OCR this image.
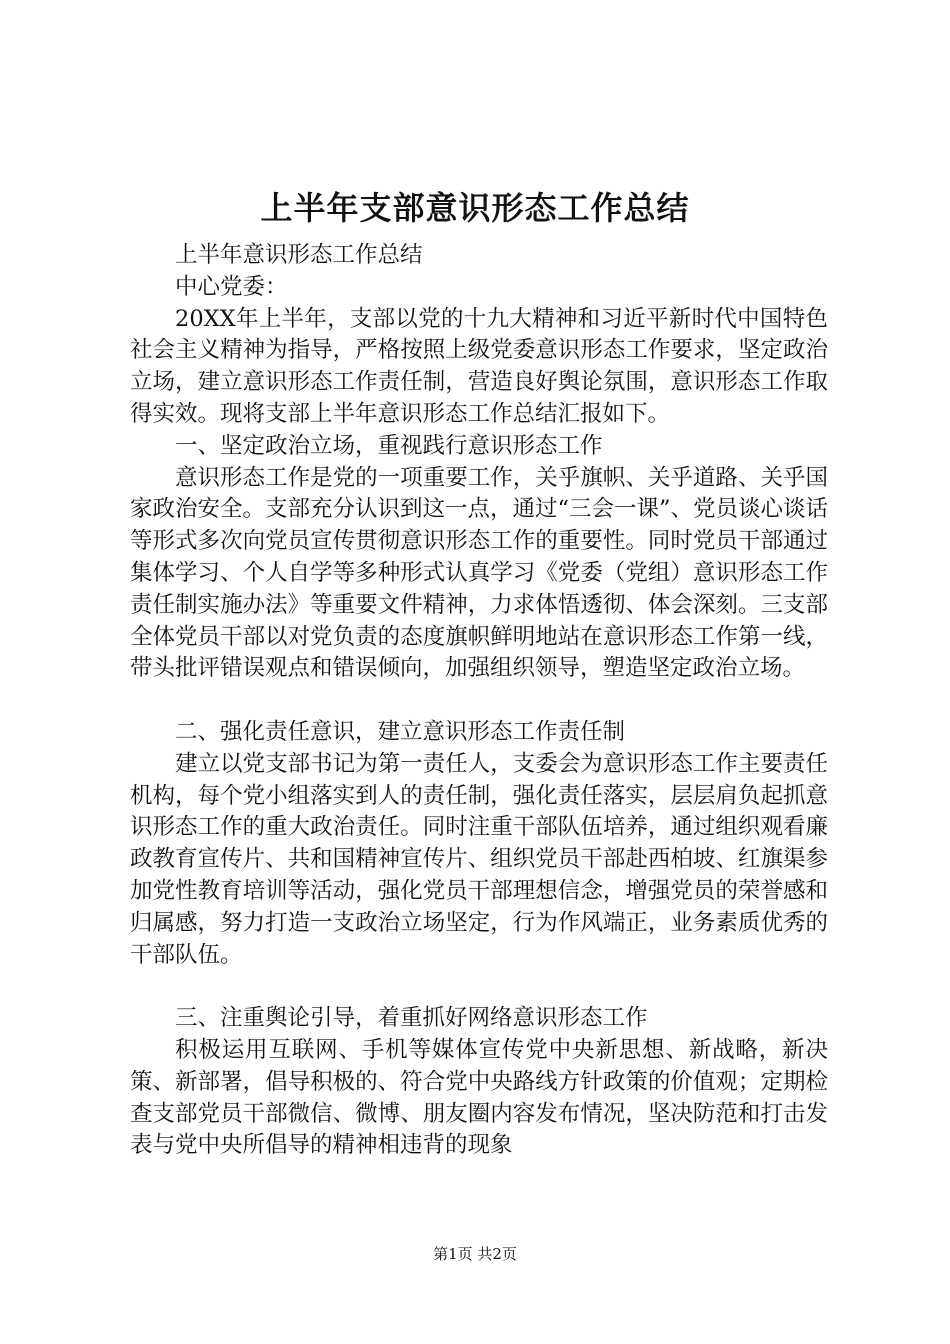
上半年支部意识形态工作总结

上半年意识形态工作总结

中心党委：

20XX年上半年，支部以党的十九大精神和习近平新时代中国特色社会主义精神为指导，严格按照上级党委意识形态工作要求，坚定政治立场，建立意识形态工作责任制，营造良好舆论氛围，意识形态工作取得实效。现将支部上半年意识形态工作总结汇报如下。

一、坚定政治立场，重视践行意识形态工作

意识形态工作是党的一项重要工作，关乎旗帜、关乎道路、关乎国家政治安全。支部充分认识到这一点，通过“三会一课”、党员谈心谈话等形式多次向党员宣传贯彻意识形态工作的重要性。同时党员干部通过集体学习、个人自学等多种形式认真学习《党委（党组）意识形态工作责任制实施办法》等重要文件精神，力求体悟透彻、体会深刻。三支部全体党员干部以对党负责的态度旗帜鲜明地站在意识形态工作第一线，带头批评错误观点和错误倾向，加强组织领导，塑造坚定政治立场。

二、强化责任意识，建立意识形态工作责任制

建立以党支部书记为第一责任人，支委会为意识形态工作主要责任机构，每个党小组落实到人的责任制，强化责任落实，层层肩负起抓意识形态工作的重大政治责任。同时注重干部队伍培养，通过组织观看廉政教育宣传片、共和国精神宣传片、组织党员干部赴西柏坡、红旗渠参加党性教育培训等活动，强化党员干部理想信念，增强党员的荣誉感和归属感，努力打造一支政治立场坚定，行为作风端正，业务素质优秀的干部队伍。

三、注重舆论引导，着重抓好网络意识形态工作

积极运用互联网、手机等媒体宣传党中央新思想、新战略，新决策、新部署，倡导积极的、符合党中央路线方针政策的价值观；定期检查支部党员干部微信、微博、朋友圈内容发布情况，坚决防范和打击发表与党中央所倡导的精神相违背的现象

第1页 共2页
